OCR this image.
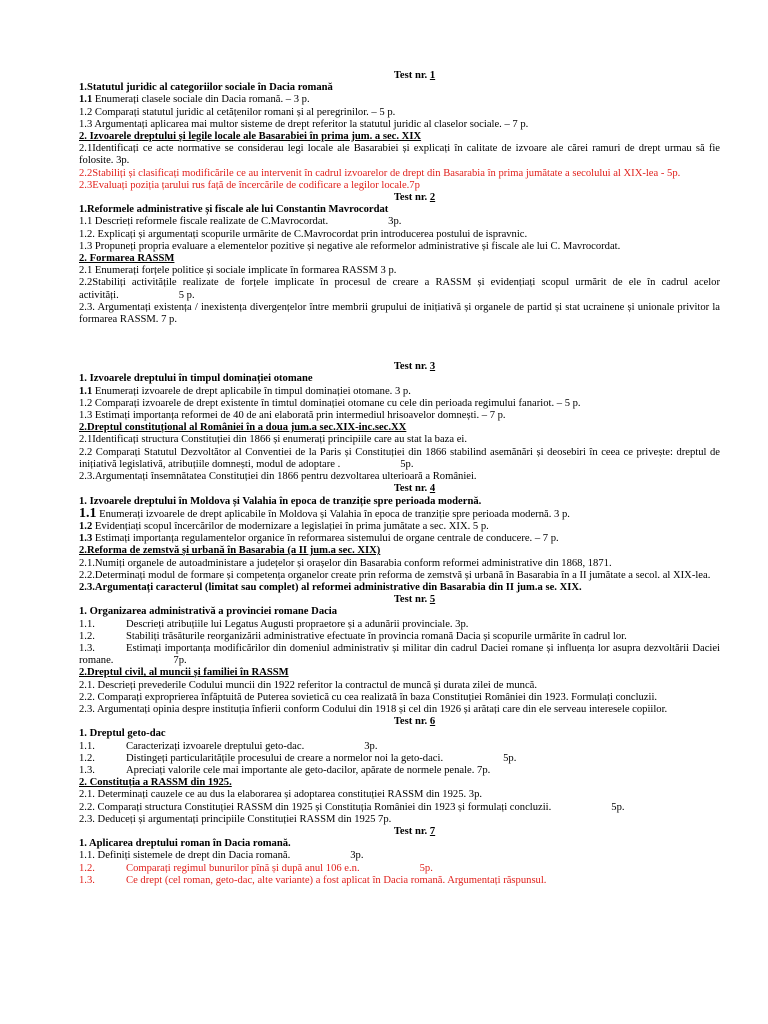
Test nr. 1
1.Statutul juridic al categoriilor sociale în Dacia romană
1.1 Enumerați clasele sociale din Dacia romană. – 3 p.
1.2 Comparați statutul juridic al cetățenilor romani și al peregrinilor. – 5 p.
1.3 Argumentați aplicarea mai multor sisteme de drept referitor la statutul juridic al claselor sociale. – 7 p.
2. Izvoarele dreptului și legile locale ale Basarabiei în prima jum. a sec. XIX
2.1Identificați ce acte normative se considerau legi locale ale Basarabiei și explicați în calitate de izvoare ale cărei ramuri de drept urmau să fie folosite. 3p.
2.2Stabiliți și clasificați modificările ce au intervenit în cadrul izvoarelor de drept din Basarabia în prima jumătate a secolului al XIX-lea - 5p.
2.3Evaluați poziția țarului rus față de încercările de codificare a legilor locale.7p
Test nr. 2
1.Reformele administrative și fiscale ale lui Constantin Mavrocordat
1.1 Descrieți reformele fiscale realizate de C.Mavrocordat.	3p.
1.2. Explicați și argumentați scopurile urmărite de C.Mavrocordat prin introducerea postului de ispravnic.
1.3 Propuneți propria evaluare a elementelor pozitive și negative ale reformelor administrative și fiscale ale lui C. Mavrocordat.
2. Formarea RASSM
2.1 Enumerați forțele politice și sociale implicate în formarea RASSM 3 p.
2.2Stabiliți activitățile realizate de forțele implicate în procesul de creare a RASSM și evidențiați scopul urmărit de ele în cadrul acelor activități.	5 p.
2.3. Argumentați existența / inexistența divergențelor între membrii grupului de inițiativă și organele de partid și stat ucrainene și unionale privitor la formarea RASSM. 7 p.
Test nr. 3
1. Izvoarele dreptului în timpul dominației otomane
1.1 Enumerați izvoarele de drept aplicabile în timpul dominației otomane. 3 p.
1.2 Comparați izvoarele de drept existente în timtul dominației otomane cu cele din perioada regimului fanariot. – 5 p.
1.3 Estimați importanța reformei de 40 de ani elaborată prin intermediul hrisoavelor domnești. – 7 p.
2.Dreptul constituțional al României în a doua jum.a sec.XIX-inc.sec.XX
2.1Identificați structura Constituției din 1866 și enumerați principiile care au stat la baza ei.
2.2 Comparați Statutul Dezvoltător al Conventiei de la Paris și Constituției din 1866 stabilind asemănări și deosebiri în ceea ce privește: dreptul de inițiativă legislativă, atribuțiile domnești, modul de adoptare .	5p.
2.3.Argumentați însemnătatea Constituției din 1866 pentru dezvoltarea ulterioară a României.
Test nr. 4
1. Izvoarele dreptului în Moldova și Valahia în epoca de tranziție spre perioada modernă.
1.1 Enumerați izvoarele de drept aplicabile în Moldova și Valahia în epoca de tranziție spre perioada modernă. 3 p.
1.2 Evidențiați scopul încercărilor de modernizare a legislației în prima jumătate a sec. XIX. 5 p.
1.3 Estimați importanța regulamentelor organice în reformarea sistemului de organe centrale de conducere. – 7 p.
2.Reforma de zemstvă și urbană în Basarabia (a II jum.a sec. XIX)
2.1.Numiți organele de autoadministare a județelor și orașelor din Basarabia conform reformei administrative din 1868, 1871.
2.2.Determinați modul de formare și competența organelor create prin reforma de zemstvă și urbană în Basarabia în a II jumătate a secol. al XIX-lea.
2.3.Argumentați caracterul (limitat sau complet) al reformei administrative din Basarabia din II jum.a se. XIX.
Test nr. 5
1. Organizarea administrativă a provinciei romane Dacia
1.1.	Descrieți atribuțiile lui Legatus Augusti propraetore și a adunării provinciale. 3p.
1.2.	Stabiliți trăsăturile reorganizării administrative efectuate în provincia romană Dacia și scopurile urmărite în cadrul lor.
1.3.	Estimați importanța modificărilor din domeniul administrativ și militar din cadrul Daciei romane și influența lor asupra dezvoltării Daciei romane.	7p.
2.Dreptul civil, al muncii și familiei în RASSM
2.1. Descrieți prevederile Codului muncii din 1922 referitor la contractul de muncă și durata zilei de muncă.
2.2. Comparați exproprierea înfăptuită de Puterea sovietică cu cea realizată în baza Constituției României din 1923. Formulați concluzii.
2.3. Argumentați opinia despre instituția înfierii conform Codului din 1918 și cel din 1926 și arătați care din ele serveau interesele copiilor.
Test nr. 6
1. Dreptul geto-dac
1.1.	Caracterizați izvoarele dreptului geto-dac.	3p.
1.2.	Distingeți particularitățile procesului de creare a normelor noi la geto-daci.	5p.
1.3.	Apreciați valorile cele mai importante ale geto-dacilor, apărate de normele penale. 7p.
2. Constituția a RASSM din 1925.
2.1. Determinați cauzele ce au dus la elaborarea și adoptarea constituției RASSM din 1925. 3p.
2.2. Comparați structura Constituției RASSM din 1925 și Constituția României din 1923 și formulați concluzii.	5p.
2.3. Deduceți și argumentați principiile Constituției RASSM din 1925 7p.
Test nr. 7
1. Aplicarea dreptului roman în Dacia romană.
1.1. Definiți sistemele de drept din Dacia romană.	3p.
1.2.	Comparați regimul bunurilor pînă și după anul 106 e.n.	5p.
1.3.	Ce drept (cel roman, geto-dac, alte variante) a fost aplicat în Dacia romană. Argumentați răspunsul.
